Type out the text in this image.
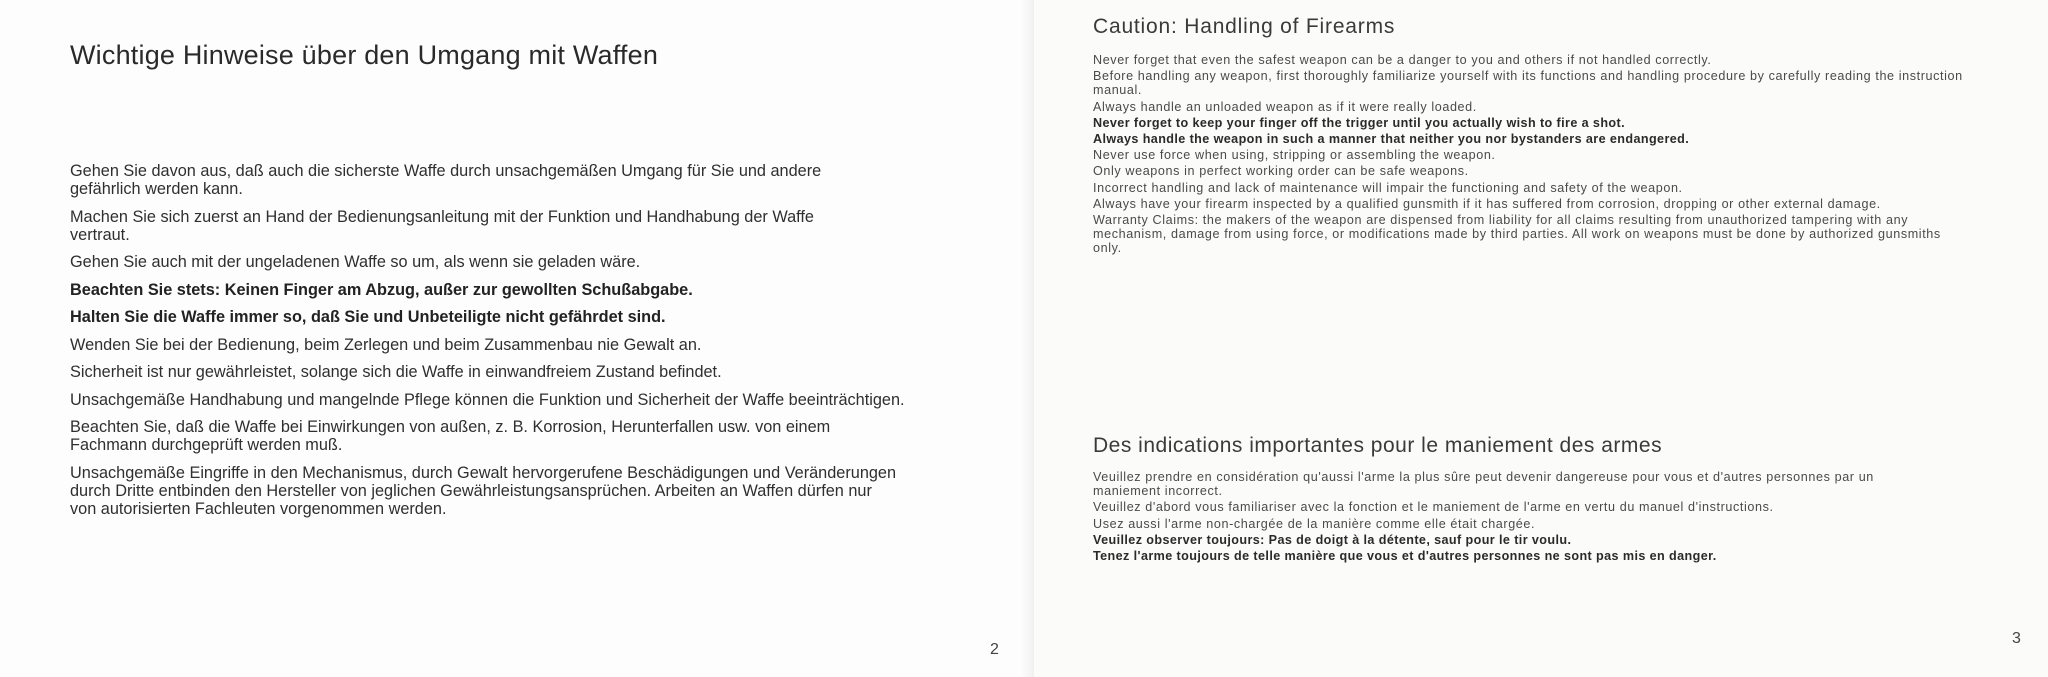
Wichtige Hinweise über den Umgang mit Waffen

Gehen Sie davon aus, daß auch die sicherste Waffe durch unsachgemäßen Umgang für Sie und andere gefährlich werden kann.

Machen Sie sich zuerst an Hand der Bedienungsanleitung mit der Funktion und Handhabung der Waffe vertraut.

Gehen Sie auch mit der ungeladenen Waffe so um, als wenn sie geladen wäre.

Beachten Sie stets: Keinen Finger am Abzug, außer zur gewollten Schußabgabe.

Halten Sie die Waffe immer so, daß Sie und Unbeteiligte nicht gefährdet sind.

Wenden Sie bei der Bedienung, beim Zerlegen und beim Zusammenbau nie Gewalt an.

Sicherheit ist nur gewährleistet, solange sich die Waffe in einwandfreiem Zustand befindet.

Unsachgemäße Handhabung und mangelnde Pflege können die Funktion und Sicherheit der Waffe beeinträchtigen.

Beachten Sie, daß die Waffe bei Einwirkungen von außen, z. B. Korrosion, Herunterfallen usw. von einem Fachmann durchgeprüft werden muß.

Unsachgemäße Eingriffe in den Mechanismus, durch Gewalt hervorgerufene Beschädigungen und Veränderungen durch Dritte entbinden den Hersteller von jeglichen Gewährleistungsansprüchen. Arbeiten an Waffen dürfen nur von autorisierten Fachleuten vorgenommen werden.

2
Caution: Handling of Firearms

Never forget that even the safest weapon can be a danger to you and others if not handled correctly.

Before handling any weapon, first thoroughly familiarize yourself with its functions and handling procedure by carefully reading the instruction manual.

Always handle an unloaded weapon as if it were really loaded.

Never forget to keep your finger off the trigger until you actually wish to fire a shot.

Always handle the weapon in such a manner that neither you nor bystanders are endangered.

Never use force when using, stripping or assembling the weapon.

Only weapons in perfect working order can be safe weapons.

Incorrect handling and lack of maintenance will impair the functioning and safety of the weapon.

Always have your firearm inspected by a qualified gunsmith if it has suffered from corrosion, dropping or other external damage.

Warranty Claims: the makers of the weapon are dispensed from liability for all claims resulting from unauthorized tampering with any mechanism, damage from using force, or modifications made by third parties. All work on weapons must be done by authorized gunsmiths only.

Des indications importantes pour le maniement des armes

Veuillez prendre en considération qu'aussi l'arme la plus sûre peut devenir dangereuse pour vous et d'autres personnes par un maniement incorrect.

Veuillez d'abord vous familiariser avec la fonction et le maniement de l'arme en vertu du manuel d'instructions.

Usez aussi l'arme non-chargée de la manière comme elle était chargée.

Veuillez observer toujours: Pas de doigt à la détente, sauf pour le tir voulu.

Tenez l'arme toujours de telle manière que vous et d'autres personnes ne sont pas mis en danger.

3
